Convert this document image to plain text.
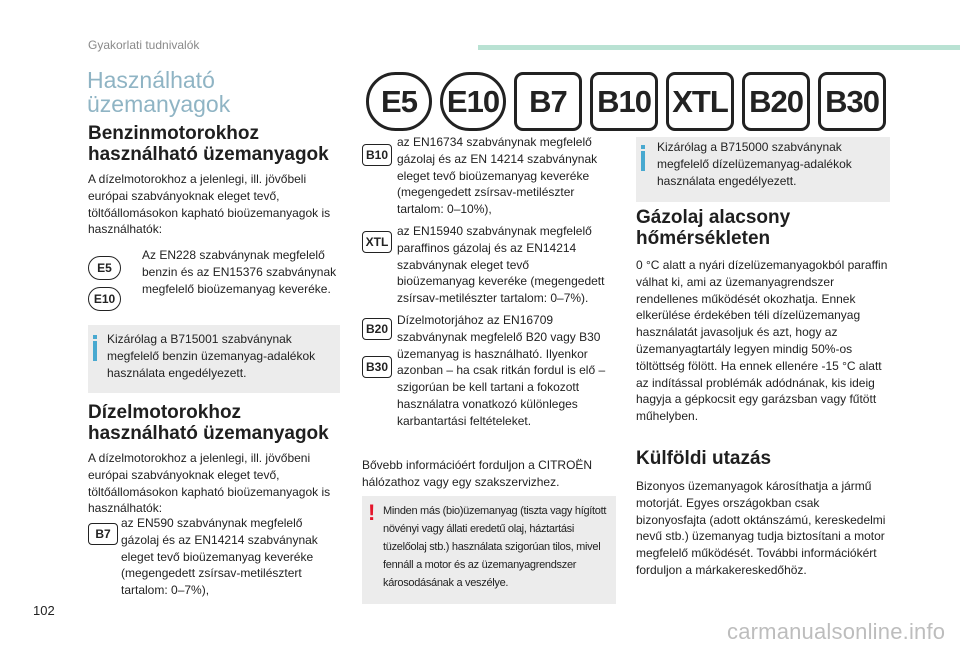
Gyakorlati tudnivalók
Használható üzemanyagok	E5 E10 B7 B10 XTL B20 B30
Benzinmotorokhoz használható üzemanyagok

A dízelmotorokhoz a jelenlegi, ill. jövőbeli európai szabványoknak eleget tevő, töltőállomásokon kapható bioüzemanyagok is használhatók:

E5
E10

Az EN228 szabványnak megfelelő benzin és az EN15376 szabványnak megfelelő bioüzemanyag keveréke.

Kizárólag a B715001 szabványnak megfelelő benzin üzemanyag-adalékok használata engedélyezett.

Dízelmotorokhoz használható üzemanyagok

A dízelmotorokhoz a jelenlegi, ill. jövőbeni európai szabványoknak eleget tevő, töltőállomásokon kapható bioüzemanyagok is használhatók:

B7

az EN590 szabványnak megfelelő gázolaj és az EN14214 szabványnak eleget tevő bioüzemanyag keveréke (megengedett zsírsav-metilésztert tartalom: 0–7%),

B10

az EN16734 szabványnak megfelelő gázolaj és az EN 14214 szabványnak eleget tevő bioüzemanyag keveréke (megengedett zsírsav-metilészter tartalom: 0–10%),

XTL

az EN15940 szabványnak megfelelő paraffinos gázolaj és az EN14214 szabványnak eleget tevő bioüzemanyag keveréke (megengedett zsírsav-metilészter tartalom: 0–7%).

B20
B30

Dízelmotorjához az EN16709 szabványnak megfelelő B20 vagy B30 üzemanyag is használható. Ilyenkor azonban – ha csak ritkán fordul is elő – szigorúan be kell tartani a fokozott használatra vonatkozó különleges karbantartási feltételeket.

Bővebb információért forduljon a CITROËN hálózathoz vagy egy szakszervizhez.

! Minden más (bio)üzemanyag (tiszta vagy hígított növényi vagy állati eredetű olaj, háztartási tüzelőolaj stb.) használata szigorúan tilos, mivel fennáll a motor és az üzemanyagrendszer károsodásának a veszélye.

Kizárólag a B715000 szabványnak megfelelő dízelüzemanyag-adalékok használata engedélyezett.

Gázolaj alacsony hőmérsékleten

0 °C alatt a nyári dízelüzemanyagokból paraffin válhat ki, ami az üzemanyagrendszer rendellenes működését okozhatja. Ennek elkerülése érdekében téli dízelüzemanyag használatát javasoljuk és azt, hogy az üzemanyagtartály legyen mindig 50%-os töltöttség fölött. Ha ennek ellenére -15 °C alatt az indítással problémák adódnának, kis ideig hagyja a gépkocsit egy garázsban vagy fűtött műhelyben.

Külföldi utazás

Bizonyos üzemanyagok károsíthatja a jármű motorját. Egyes országokban csak bizonyosfajta (adott oktánszámú, kereskedelmi nevű stb.) üzemanyag tudja biztosítani a motor megfelelő működését. További információkért forduljon a márkakereskedőhöz.

102
carmanualsonline.info
